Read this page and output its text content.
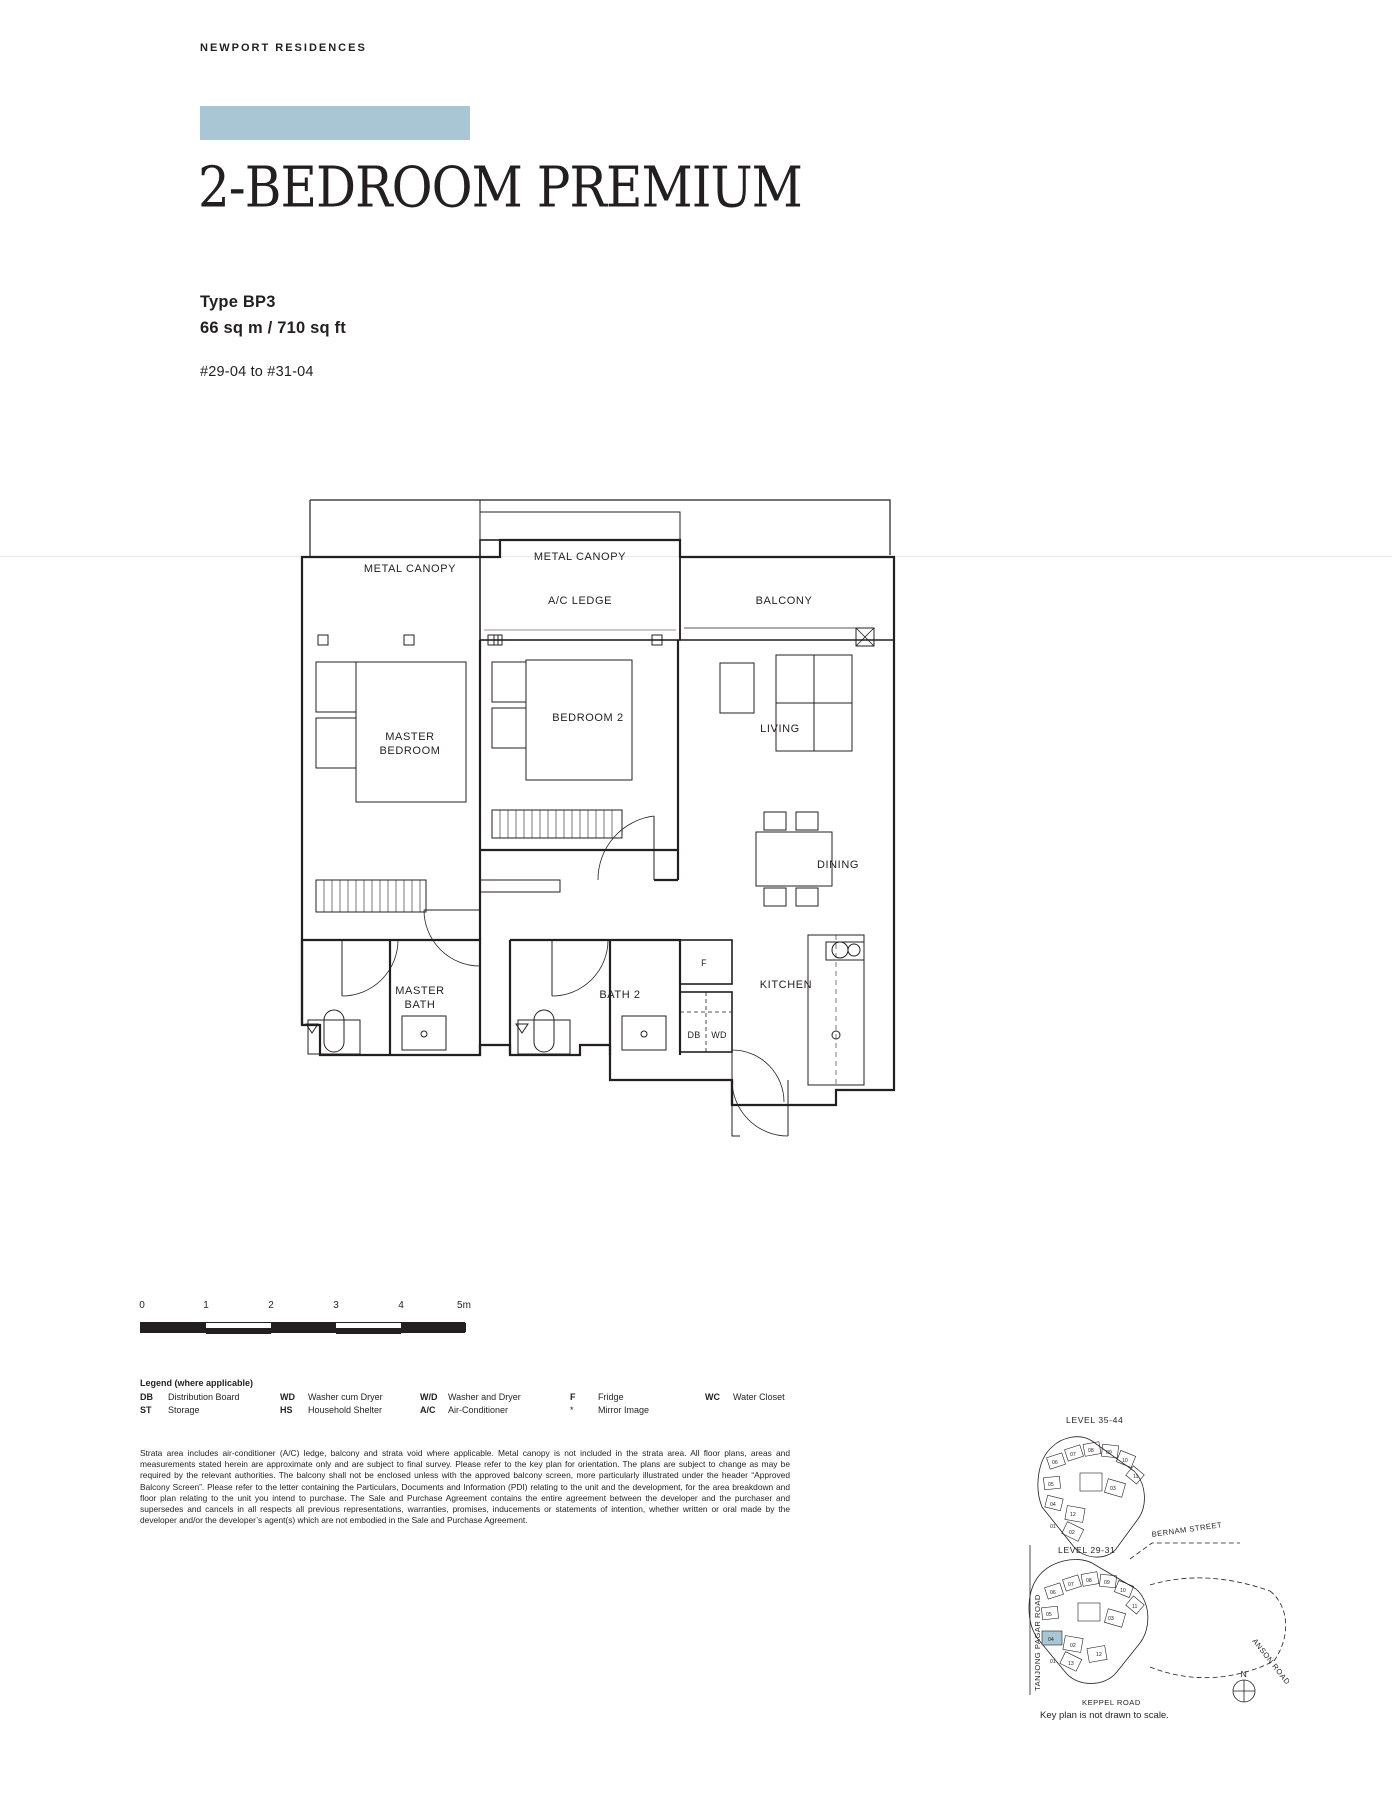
NEWPORT RESIDENCES
2-BEDROOM PREMIUM
Type BP3
66 sq m / 710 sq ft
#29-04 to #31-04
METAL CANOPY
METAL CANOPY
A/C LEDGE	BALCONY
MASTER
BEDROOM
BEDROOM 2
LIVING
DINING
MASTER
BATH
BATH 2
KITCHEN
F
DB WD
0	1	2	3	4	5m
Legend (where applicable)
DB	Distribution Board	WD	Washer cum Dryer	W/D Washer and Dryer	F	Fridge	WC	Water Closet
ST	Storage	HS	Household Shelter	A/C	Air-Conditioner	*	Mirror Image
Strata area includes air-conditioner (A/C) ledge, balcony and strata void where applicable. Metal canopy is not included in the strata area. All floor plans, areas and measurements stated herein are approximate only and are subject to final survey. Please refer to the key plan for orientation. The plans are subject to change as may be required by the relevant authorities. The balcony shall not be enclosed unless with the approved balcony screen, more particularly illustrated under the header “Approved Balcony Screen”. Please refer to the letter containing the Particulars, Documents and Information (PDI) relating to the unit and the development, for the area breakdown and floor plan relating to the unit you intend to purchase. The Sale and Purchase Agreement contains the entire agreement between the developer and the purchaser and supersedes and cancels in all respects all previous representations, warranties, promises, inducements or statements of intention, whether written or oral made by the developer and/or the developer’s agent(s) which are not embodied in the Sale and Purchase Agreement.
N
LEVEL 35-44
LEVEL 29-31
BERNAM STREET
TANJONG PAGAR ROAD	ANSON ROAD
KEPPEL ROAD
06
07
08 09
10
11
05
03
12
04
02
01
06
07
08 09
10
11
05
03
12
04
02
01 13
Key plan is not drawn to scale.
